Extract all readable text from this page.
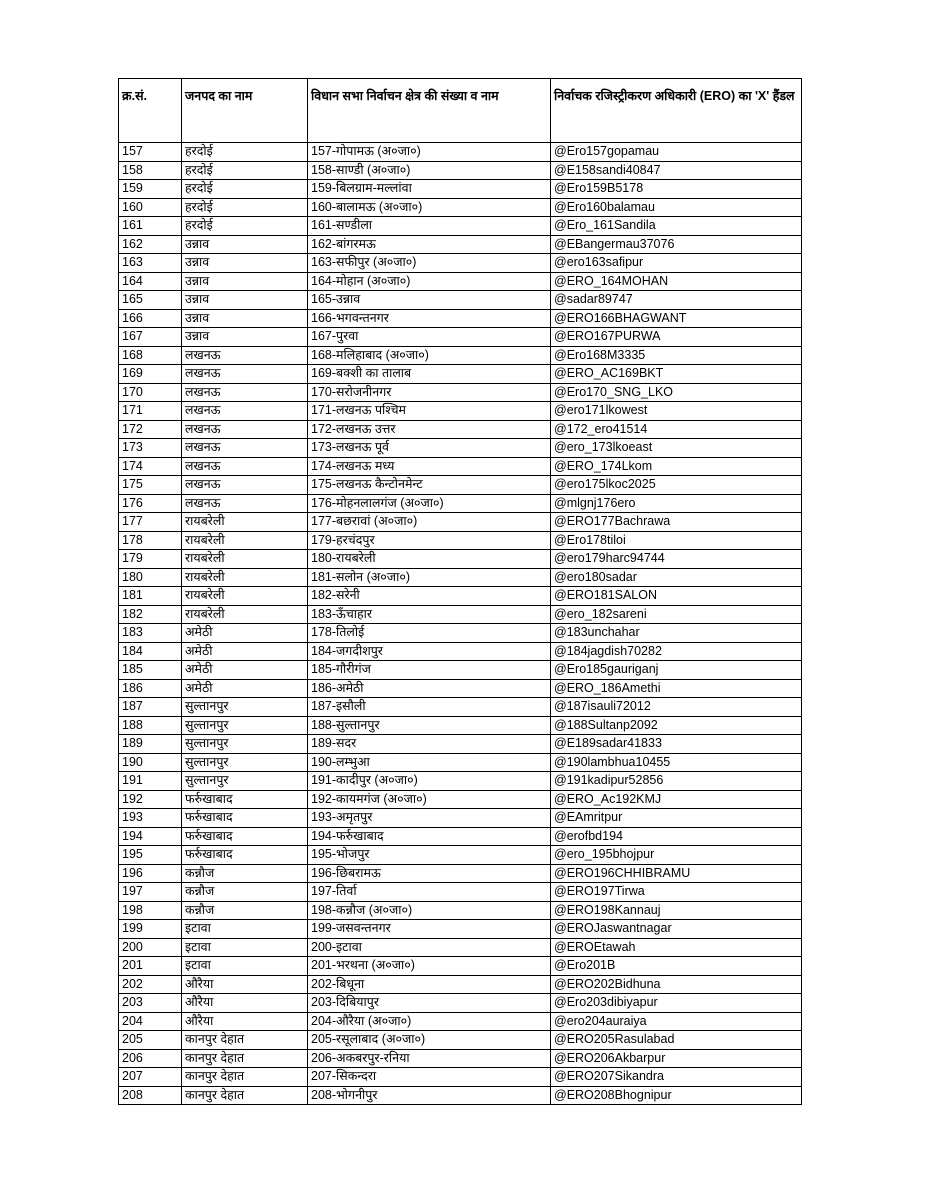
क्र.सं.	जनपद का नाम	विधान सभा निर्वाचन क्षेत्र की संख्या व नाम	निर्वाचक रजिस्ट्रीकरण अधिकारी (ERO) का 'X' हैंडल
157	हरदोई	157-गोपामऊ (अ०जा०)	@Ero157gopamau
158	हरदोई	158-साण्डी (अ०जा०)	@E158sandi40847
159	हरदोई	159-बिलग्राम-मल्लांवा	@Ero159B5178
160	हरदोई	160-बालामऊ (अ०जा०)	@Ero160balamau
161	हरदोई	161-सण्डीला	@Ero_161Sandila
162	उन्नाव	162-बांगरमऊ	@EBangermau37076
163	उन्नाव	163-सफीपुर (अ०जा०)	@ero163safipur
164	उन्नाव	164-मोहान (अ०जा०)	@ERO_164MOHAN
165	उन्नाव	165-उन्नाव	@sadar89747
166	उन्नाव	166-भगवन्तनगर	@ERO166BHAGWANT
167	उन्नाव	167-पुरवा	@ERO167PURWA
168	लखनऊ	168-मलिहाबाद (अ०जा०)	@Ero168M3335
169	लखनऊ	169-बक्शी का तालाब	@ERO_AC169BKT
170	लखनऊ	170-सरोजनीनगर	@Ero170_SNG_LKO
171	लखनऊ	171-लखनऊ पश्चिम	@ero171lkowest
172	लखनऊ	172-लखनऊ उत्तर	@172_ero41514
173	लखनऊ	173-लखनऊ पूर्व	@ero_173lkoeast
174	लखनऊ	174-लखनऊ मध्य	@ERO_174Lkom
175	लखनऊ	175-लखनऊ कैन्टोनमेन्ट	@ero175lkoc2025
176	लखनऊ	176-मोहनलालगंज (अ०जा०)	@mlgnj176ero
177	रायबरेली	177-बछरावां (अ०जा०)	@ERO177Bachrawa
178	रायबरेली	179-हरचंदपुर	@Ero178tiloi
179	रायबरेली	180-रायबरेली	@ero179harc94744
180	रायबरेली	181-सलोन (अ०जा०)	@ero180sadar
181	रायबरेली	182-सरेनी	@ERO181SALON
182	रायबरेली	183-ऊँचाहार	@ero_182sareni
183	अमेठी	178-तिलोई	@183unchahar
184	अमेठी	184-जगदीशपुर	@184jagdish70282
185	अमेठी	185-गौरीगंज	@Ero185gauriganj
186	अमेठी	186-अमेठी	@ERO_186Amethi
187	सुल्तानपुर	187-इसौली	@187isauli72012
188	सुल्तानपुर	188-सुल्तानपुर	@188Sultanp2092
189	सुल्तानपुर	189-सदर	@E189sadar41833
190	सुल्तानपुर	190-लम्भुआ	@190lambhua10455
191	सुल्तानपुर	191-कादीपुर (अ०जा०)	@191kadipur52856
192	फर्रुखाबाद	192-कायमगंज (अ०जा०)	@ERO_Ac192KMJ
193	फर्रुखाबाद	193-अमृतपुर	@EAmritpur
194	फर्रुखाबाद	194-फर्रुखाबाद	@erofbd194
195	फर्रुखाबाद	195-भोजपुर	@ero_195bhojpur
196	कन्नौज	196-छिबरामऊ	@ERO196CHHIBRAMU
197	कन्नौज	197-तिर्वा	@ERO197Tirwa
198	कन्नौज	198-कन्नौज (अ०जा०)	@ERO198Kannauj
199	इटावा	199-जसवन्तनगर	@EROJaswantnagar
200	इटावा	200-इटावा	@EROEtawah
201	इटावा	201-भरथना (अ०जा०)	@Ero201B
202	औरैया	202-बिधूना	@ERO202Bidhuna
203	औरैया	203-दिबियापुर	@Ero203dibiyapur
204	औरैया	204-औरैया (अ०जा०)	@ero204auraiya
205	कानपुर देहात	205-रसूलाबाद (अ०जा०)	@ERO205Rasulabad
206	कानपुर देहात	206-अकबरपुर-रनिया	@ERO206Akbarpur
207	कानपुर देहात	207-सिकन्दरा	@ERO207Sikandra
208	कानपुर देहात	208-भोगनीपुर	@ERO208Bhognipur
